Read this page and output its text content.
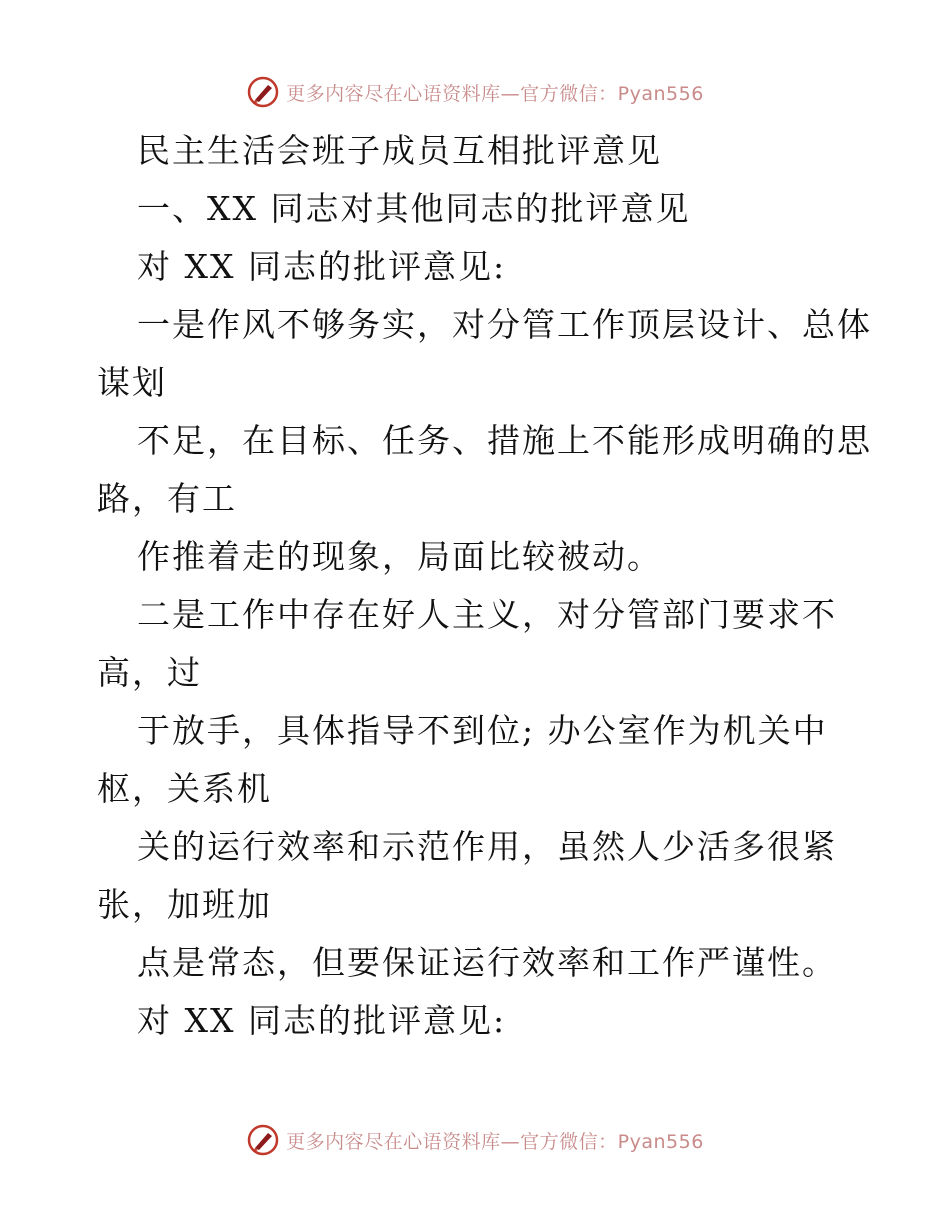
更多内容尽在心语资料库—官方微信：Pyan556
民主生活会班子成员互相批评意见
一、XX 同志对其他同志的批评意见
对 XX 同志的批评意见:
一是作风不够务实，对分管工作顶层设计、总体
谋划
不足，在目标、任务、措施上不能形成明确的思
路，有工
作推着走的现象，局面比较被动。
二是工作中存在好人主义，对分管部门要求不
高，过
于放手，具体指导不到位; 办公室作为机关中
枢，关系机
关的运行效率和示范作用，虽然人少活多很紧
张，加班加
点是常态，但要保证运行效率和工作严谨性。
对 XX 同志的批评意见:
更多内容尽在心语资料库—官方微信：Pyan556
